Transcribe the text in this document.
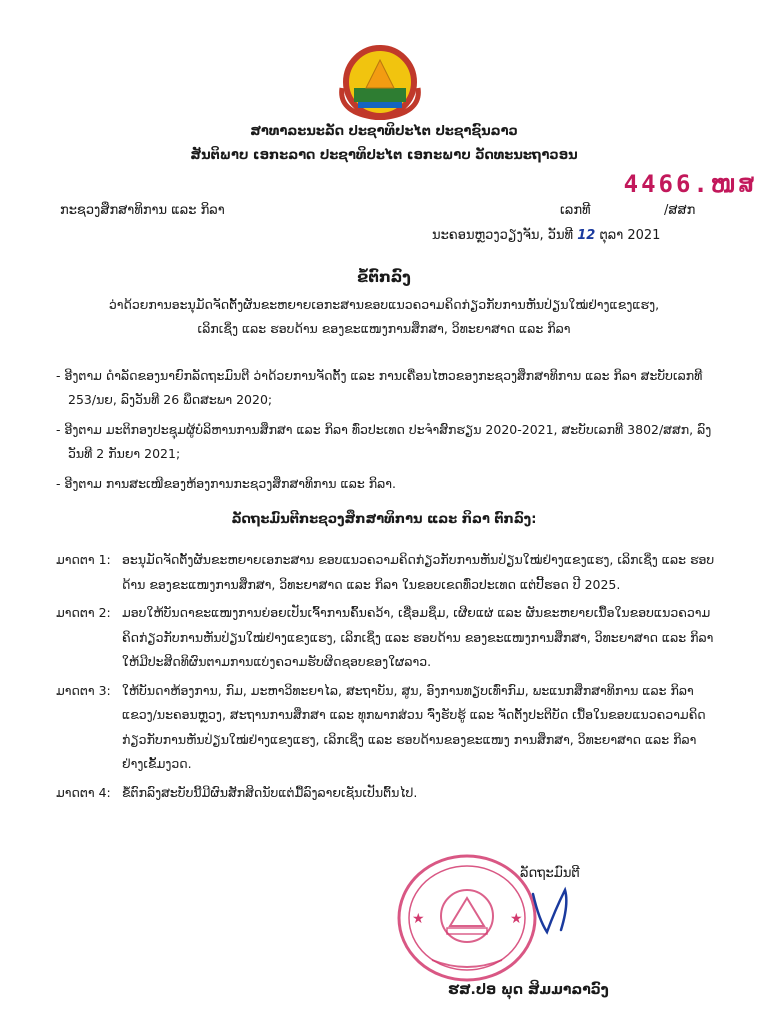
ສາທາລະນະລັດ ປະຊາທິປະໄຕ ປະຊາຊົນລາວ
ສັນຕິພາບ ເອກະລາດ ປະຊາທິປະໄຕ ເອກະພາບ ວັດທະນະຖາວອນ
4466.ໜສ
ກະຊວງສຶກສາທິການ ແລະ ກິລາ	ເລກທີ	/ສສກ
ນະຄອນຫຼວງວຽງຈັນ, ວັນທີ 12 ຕຸລາ 2021
ຂໍ້ຕົກລົງ
ວ່າດ້ວຍການອະນຸມັດຈັດຕັ້ງຜັນຂະຫຍາຍເອກະສານຂອບແນວຄວາມຄິດກ່ຽວກັບການຫັນປ່ຽນໃໝ່ຢ່າງແຂງແຮງ,
ເລິກເຊິ່ງ ແລະ ຮອບດ້ານ ຂອງຂະແໜງການສຶກສາ, ວິທະຍາສາດ ແລະ ກິລາ

- ອີງຕາມ ດຳລັດຂອງນາຍົກລັດຖະມົນຕີ ວ່າດ້ວຍການຈັດຕັ້ງ ແລະ ການເຄື່ອນໄຫວຂອງກະຊວງສຶກສາທິການ ແລະ ກິລາ ສະບັບເລກທີ 253/ນຍ, ລົງວັນທີ 26 ພຶດສະພາ 2020;

- ອີງຕາມ ມະຕິກອງປະຊຸມຜູ້ບໍລິຫານການສຶກສາ ແລະ ກິລາ ທົ່ວປະເທດ ປະຈຳສົກຮຽນ 2020-2021, ສະບັບເລກທີ 3802/ສສກ, ລົງວັນທີ 2 ກັນຍາ 2021;

- ອີງຕາມ ການສະເໜີຂອງຫ້ອງການກະຊວງສຶກສາທິການ ແລະ ກິລາ.

ລັດຖະມົນຕີກະຊວງສຶກສາທິການ ແລະ ກິລາ ຕົກລົງ:
ມາດຕາ 1: ອະນຸມັດຈັດຕັ້ງຜັນຂະຫຍາຍເອກະສານ ຂອບແນວຄວາມຄິດກ່ຽວກັບການຫັນປ່ຽນໃໝ່ຢ່າງແຂງແຮງ, ເລິກເຊິ່ງ ແລະ ຮອບດ້ານ ຂອງຂະແໜງການສຶກສາ, ວິທະຍາສາດ ແລະ ກິລາ ໃນຂອບເຂດທົ່ວປະເທດ ແຕ່ປີ້ຮອດ ປີ 2025.
ມາດຕາ 2: ມອບໃຫ້ບັນດາຂະແໜງການຍ່ອຍເປັນເຈົ້າການຄົ້ນຄວ້າ, ເຊື່ອມຊຶມ, ເຜີຍແຜ່ ແລະ ຜັນຂະຫຍາຍເນື້ອໃນຂອບແນວຄວາມຄິດກ່ຽວກັບການຫັນປ່ຽນໃໝ່ຢ່າງແຂງແຮງ, ເລິກເຊິ່ງ ແລະ ຮອບດ້ານ ຂອງຂະແໜງການສຶກສາ, ວິທະຍາສາດ ແລະ ກິລາ ໃຫ້ມີປະສິດທິຜົນຕາມການແບ່ງຄວາມຮັບຜິດຊອບຂອງໃຜລາວ.
ມາດຕາ 3: ໃຫ້ບັນດາຫ້ອງການ, ກົມ, ມະຫາວິທະຍາໄລ, ສະຖາບັນ, ສູນ, ອົງການທຽບເທົ່າກົມ, ພະແນກສຶກສາທິການ ແລະ ກິລາ ແຂວງ/ນະຄອນຫຼວງ, ສະຖານການສຶກສາ ແລະ ທຸກພາກສ່ວນ ຈົ່ງຮັບຮູ້ ແລະ ຈັດຕັ້ງປະຕິບັດ ເນື້ອໃນຂອບແນວຄວາມຄິດກ່ຽວກັບການຫັນປ່ຽນໃໝ່ຢ່າງແຂງແຮງ, ເລິກເຊິ່ງ ແລະ ຮອບດ້ານຂອງຂະແໜງ ການສຶກສາ, ວິທະຍາສາດ ແລະ ກິລາ ຢ່າງເຂັ້ມງວດ.
ມາດຕາ 4: ຂໍ້ຕົກລົງສະບັບນີ້ມີຜົນສັກສິດນັບແຕ່ມື້ລົງລາຍເຊັນເປັນຕົ້ນໄປ.
★	★
ລັດຖະມົນຕີ
ຮສ.ປອ ພຸດ ສິມມາລາວົງ
